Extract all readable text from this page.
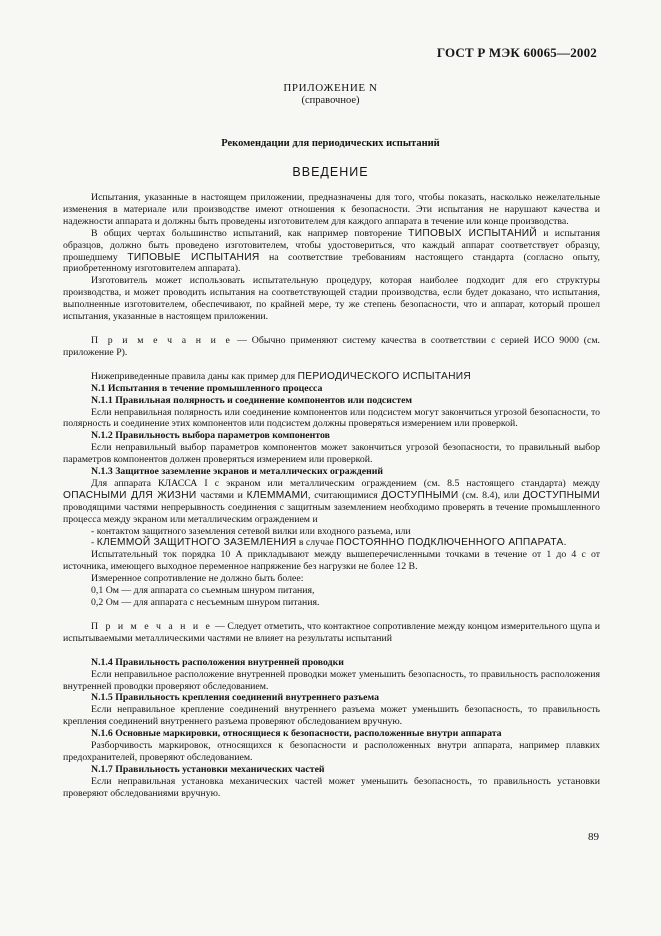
ГОСТ Р МЭК 60065—2002
ПРИЛОЖЕНИЕ N
(справочное)
Рекомендации для периодических испытаний
ВВЕДЕНИЕ

Испытания, указанные в настоящем приложении, предназначены для того, чтобы показать, насколько нежелательные изменения в материале или производстве имеют отношения к безопасности. Эти испытания не нарушают качества и надежности аппарата и должны быть проведены изготовителем для каждого аппарата в течение или конце производства.

В общих чертах большинство испытаний, как например повторение ТИПОВЫХ ИСПЫТАНИЙ и испытания образцов, должно быть проведено изготовителем, чтобы удостовериться, что каждый аппарат соответствует образцу, прошедшему ТИПОВЫЕ ИСПЫТАНИЯ на соответствие требованиям настоящего стандарта (согласно опыту, приобретенному изготовителем аппарата).

Изготовитель может использовать испытательную процедуру, которая наиболее подходит для его структуры производства, и может проводить испытания на соответствующей стадии производства, если будет доказано, что испытания, выполненные изготовителем, обеспечивают, по крайней мере, ту же степень безопасности, что и аппарат, который прошел испытания, указанные в настоящем приложении.

П р и м е ч а н и е — Обычно применяют систему качества в соответствии с серией ИСО 9000 (см. приложение Р).

Нижеприведенные правила даны как пример для ПЕРИОДИЧЕСКОГО ИСПЫТАНИЯ

N.1 Испытания в течение промышленного процесса

N.1.1 Правильная полярность и соединение компонентов или подсистем

Если неправильная полярность или соединение компонентов или подсистем могут закончиться угрозой безопасности, то полярность и соединение этих компонентов или подсистем должны проверяться измерением или проверкой.

N.1.2 Правильность выбора параметров компонентов

Если неправильный выбор параметров компонентов может закончиться угрозой безопасности, то правильный выбор параметров компонентов должен проверяться измерением или проверкой.

N.1.3 Защитное заземление экранов и металлических ограждений

Для аппарата КЛАССА I с экраном или металлическим ограждением (см. 8.5 настоящего стандарта) между ОПАСНЫМИ ДЛЯ ЖИЗНИ частями и КЛЕММАМИ, считающимися ДОСТУПНЫМИ (см. 8.4), или ДОСТУПНЫМИ проводящими частями непрерывность соединения с защитным заземлением необходимо проверять в течение промышленного процесса между экраном или металлическим ограждением и

- контактом защитного заземления сетевой вилки или входного разъема, или

- КЛЕММОЙ ЗАЩИТНОГО ЗАЗЕМЛЕНИЯ в случае ПОСТОЯННО ПОДКЛЮЧЕННОГО АППАРАТА.

Испытательный ток порядка 10 А прикладывают между вышеперечисленными точками в течение от 1 до 4 с от источника, имеющего выходное переменное напряжение без нагрузки не более 12 В.

Измеренное сопротивление не должно быть более:

0,1 Ом — для аппарата со съемным шнуром питания,

0,2 Ом — для аппарата с несъемным шнуром питания.

П р и м е ч а н и е — Следует отметить, что контактное сопротивление между концом измерительного щупа и испытываемыми металлическими частями не влияет на результаты испытаний

N.1.4 Правильность расположения внутренней проводки

Если неправильное расположение внутренней проводки может уменьшить безопасность, то правильность расположения внутренней проводки проверяют обследованием.

N.1.5 Правильность крепления соединений внутреннего разъема

Если неправильное крепление соединений внутреннего разъема может уменьшить безопасность, то правильность крепления соединений внутреннего разъема проверяют обследованием вручную.

N.1.6 Основные маркировки, относящиеся к безопасности, расположенные внутри аппарата

Разборчивость маркировок, относящихся к безопасности и расположенных внутри аппарата, например плавких предохранителей, проверяют обследованием.

N.1.7 Правильность установки механических частей

Если неправильная установка механических частей может уменьшить безопасность, то правильность установки проверяют обследованиями вручную.

89
